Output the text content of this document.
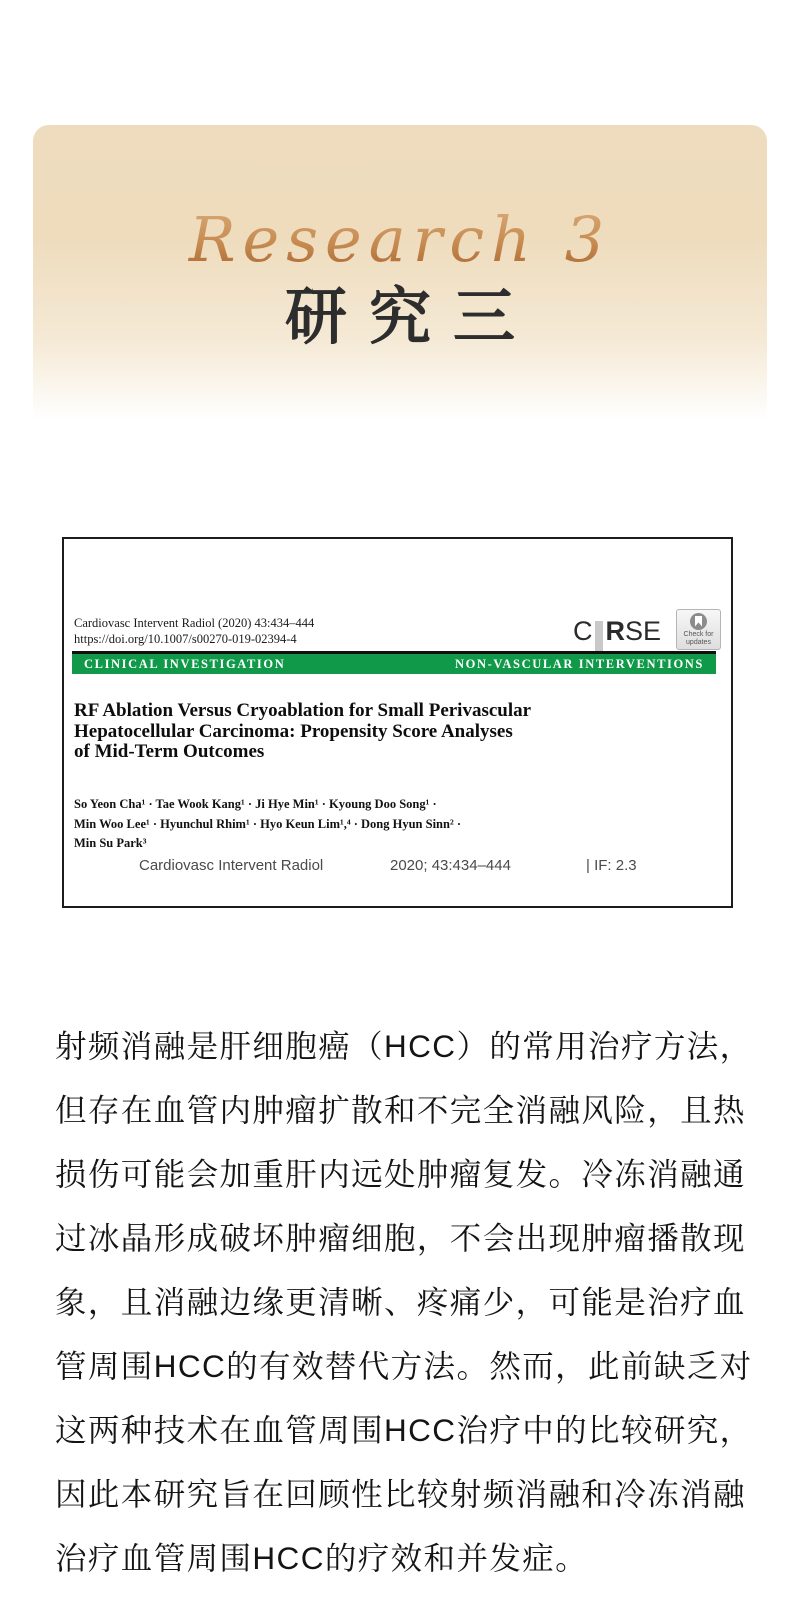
Research 3
研究三
Cardiovasc Intervent Radiol (2020) 43:434–444
https://doi.org/10.1007/s00270-019-02394-4	C R SE	Check for
updates
CLINICAL INVESTIGATION	NON-VASCULAR INTERVENTIONS
RF Ablation Versus Cryoablation for Small Perivascular
Hepatocellular Carcinoma: Propensity Score Analyses
of Mid-Term Outcomes
So Yeon Cha¹ · Tae Wook Kang¹ · Ji Hye Min¹ · Kyoung Doo Song¹ ·
Min Woo Lee¹ · Hyunchul Rhim¹ · Hyo Keun Lim¹,⁴ · Dong Hyun Sinn² ·
Min Su Park³
Cardiovasc Intervent Radiol	2020; 43:434–444	| IF: 2.3
射频消融是肝细胞癌（HCC）的常用治疗方法，
但存在血管内肿瘤扩散和不完全消融风险，且热
损伤可能会加重肝内远处肿瘤复发。冷冻消融通
过冰晶形成破坏肿瘤细胞，不会出现肿瘤播散现
象，且消融边缘更清晰、疼痛少，可能是治疗血
管周围HCC的有效替代方法。然而，此前缺乏对
这两种技术在血管周围HCC治疗中的比较研究，
因此本研究旨在回顾性比较射频消融和冷冻消融
治疗血管周围HCC的疗效和并发症。
